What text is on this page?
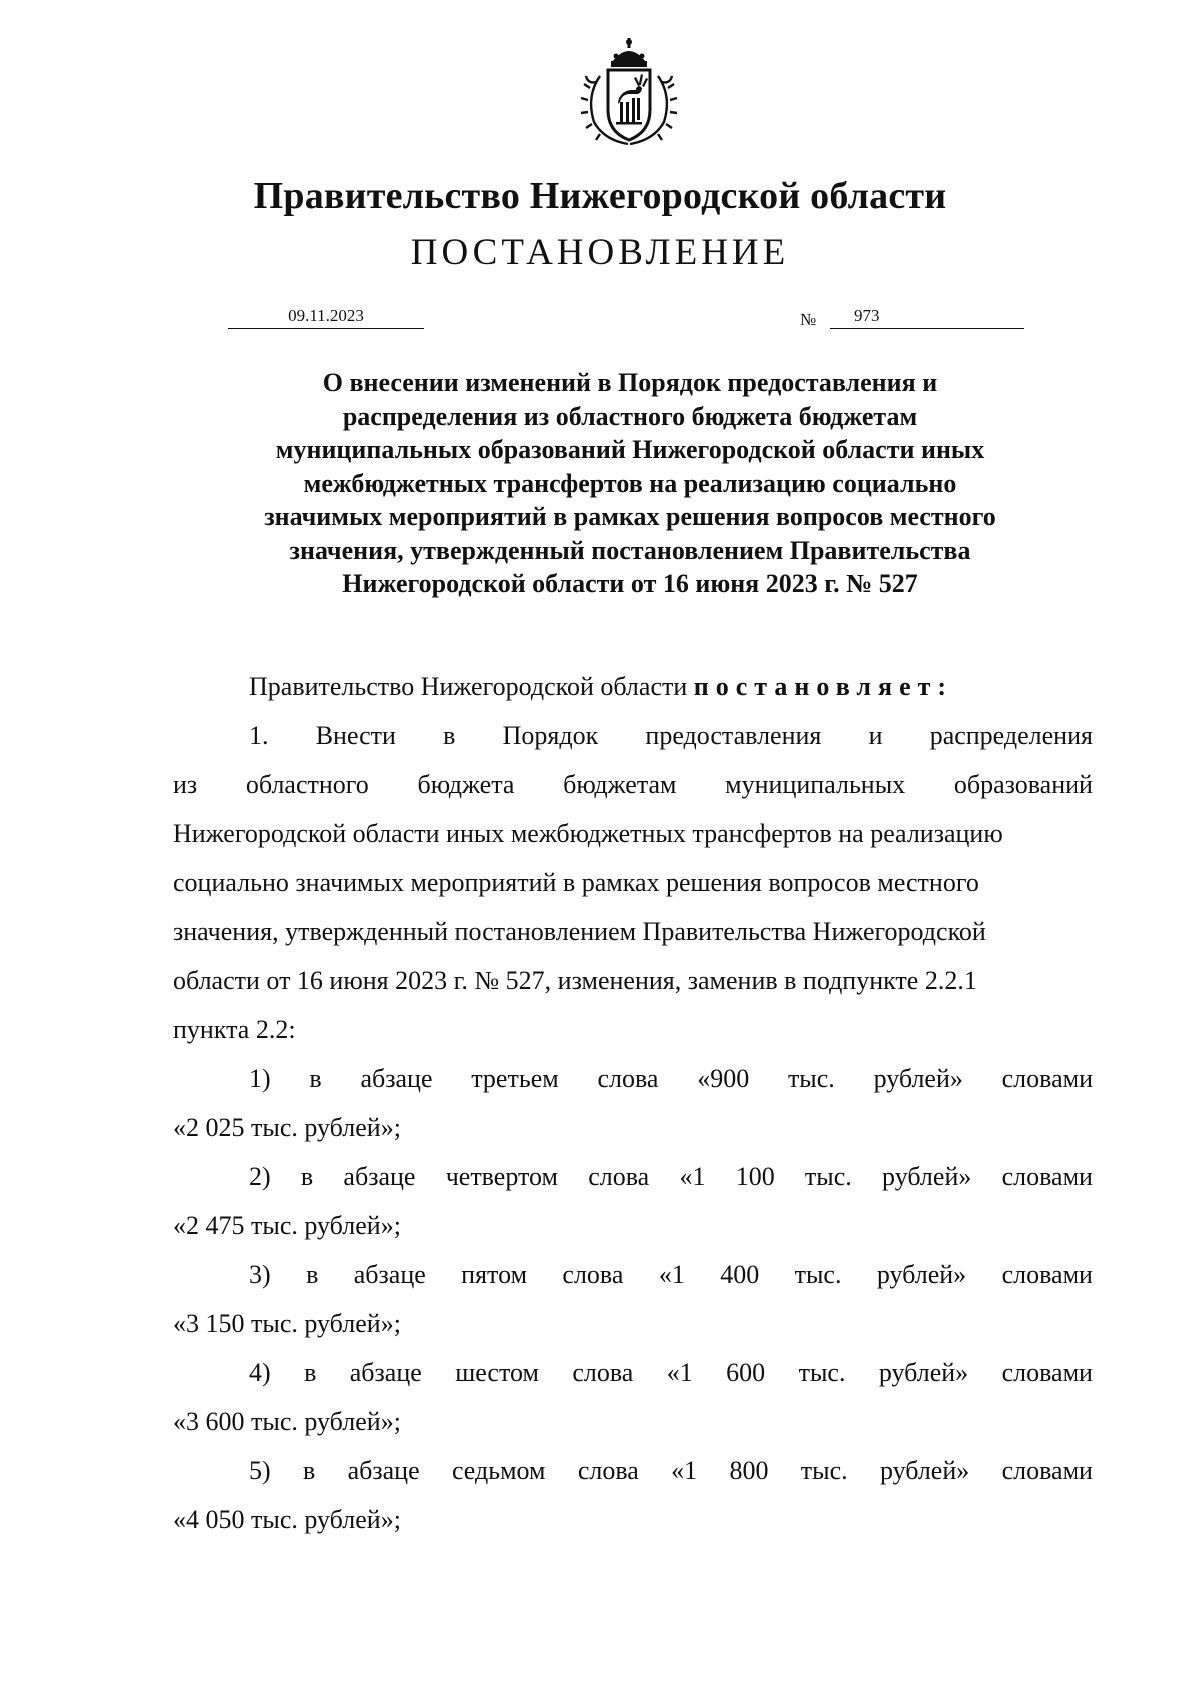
Правительство Нижегородской области
ПОСТАНОВЛЕНИЕ
09.11.2023	№	973
О внесении изменений в Порядок предоставления и
распределения из областного бюджета бюджетам
муниципальных образований Нижегородской области иных
межбюджетных трансфертов на реализацию социально
значимых мероприятий в рамках решения вопросов местного
значения, утвержденный постановлением Правительства
Нижегородской области от 16 июня 2023 г. № 527
Правительство Нижегородской области постановляет:
1. Внести в Порядок предоставления и распределения
из областного бюджета бюджетам муниципальных образований
Нижегородской области иных межбюджетных трансфертов на реализацию
социально значимых мероприятий в рамках решения вопросов местного
значения, утвержденный постановлением Правительства Нижегородской
области от 16 июня 2023 г. № 527, изменения, заменив в подпункте 2.2.1
пункта 2.2:
1) в абзаце третьем слова «900 тыс. рублей» словами
«2 025 тыс. рублей»;
2) в абзаце четвертом слова «1 100 тыс. рублей» словами
«2 475 тыс. рублей»;
3) в абзаце пятом слова «1 400 тыс. рублей» словами
«3 150 тыс. рублей»;
4) в абзаце шестом слова «1 600 тыс. рублей» словами
«3 600 тыс. рублей»;
5) в абзаце седьмом слова «1 800 тыс. рублей» словами
«4 050 тыс. рублей»;
